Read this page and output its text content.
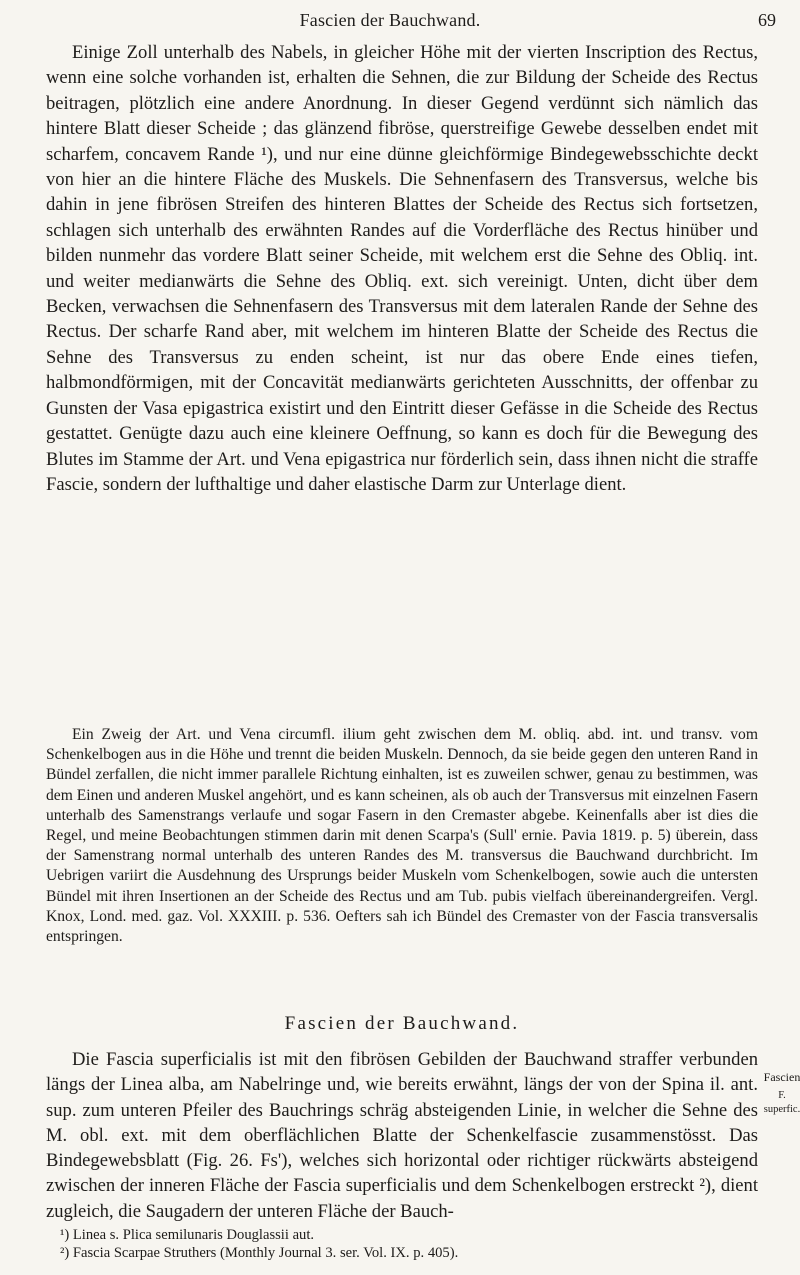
Fascien der Bauchwand.	69

Einige Zoll unterhalb des Nabels, in gleicher Höhe mit der vierten Inscription des Rectus, wenn eine solche vorhanden ist, erhalten die Sehnen, die zur Bildung der Scheide des Rectus beitragen, plötzlich eine andere Anordnung. In dieser Gegend verdünnt sich nämlich das hintere Blatt dieser Scheide ; das glänzend fibröse, querstreifige Gewebe desselben endet mit scharfem, concavem Rande ¹), und nur eine dünne gleichförmige Bindegewebsschichte deckt von hier an die hintere Fläche des Muskels. Die Sehnenfasern des Transversus, welche bis dahin in jene fibrösen Streifen des hinteren Blattes der Scheide des Rectus sich fortsetzen, schlagen sich unterhalb des erwähnten Randes auf die Vorderfläche des Rectus hinüber und bilden nunmehr das vordere Blatt seiner Scheide, mit welchem erst die Sehne des Obliq. int. und weiter medianwärts die Sehne des Obliq. ext. sich vereinigt. Unten, dicht über dem Becken, verwachsen die Sehnenfasern des Transversus mit dem lateralen Rande der Sehne des Rectus. Der scharfe Rand aber, mit welchem im hinteren Blatte der Scheide des Rectus die Sehne des Transversus zu enden scheint, ist nur das obere Ende eines tiefen, halbmondförmigen, mit der Concavität medianwärts gerichteten Ausschnitts, der offenbar zu Gunsten der Vasa epigastrica existirt und den Eintritt dieser Gefässe in die Scheide des Rectus gestattet. Genügte dazu auch eine kleinere Oeffnung, so kann es doch für die Bewegung des Blutes im Stamme der Art. und Vena epigastrica nur förderlich sein, dass ihnen nicht die straffe Fascie, sondern der lufthaltige und daher elastische Darm zur Unterlage dient.

Ein Zweig der Art. und Vena circumfl. ilium geht zwischen dem M. obliq. abd. int. und transv. vom Schenkelbogen aus in die Höhe und trennt die beiden Muskeln. Dennoch, da sie beide gegen den unteren Rand in Bündel zerfallen, die nicht immer parallele Richtung einhalten, ist es zuweilen schwer, genau zu bestimmen, was dem Einen und anderen Muskel angehört, und es kann scheinen, als ob auch der Transversus mit einzelnen Fasern unterhalb des Samenstrangs verlaufe und sogar Fasern in den Cremaster abgebe. Keinenfalls aber ist dies die Regel, und meine Beobachtungen stimmen darin mit denen Scarpa's (Sull' ernie. Pavia 1819. p. 5) überein, dass der Samenstrang normal unterhalb des unteren Randes des M. transversus die Bauchwand durchbricht. Im Uebrigen variirt die Ausdehnung des Ursprungs beider Muskeln vom Schenkelbogen, sowie auch die untersten Bündel mit ihren Insertionen an der Scheide des Rectus und am Tub. pubis vielfach übereinandergreifen. Vergl. Knox, Lond. med. gaz. Vol. XXXIII. p. 536. Oefters sah ich Bündel des Cremaster von der Fascia transversalis entspringen.

Fascien der Bauchwand.

Die Fascia superficialis ist mit den fibrösen Gebilden der Bauchwand straffer verbunden längs der Linea alba, am Nabelringe und, wie bereits erwähnt, längs der von der Spina il. ant. sup. zum unteren Pfeiler des Bauchrings schräg absteigenden Linie, in welcher die Sehne des M. obl. ext. mit dem oberflächlichen Blatte der Schenkelfascie zusammenstösst. Das Bindegewebsblatt (Fig. 26. Fs'), welches sich horizontal oder richtiger rückwärts absteigend zwischen der inneren Fläche der Fascia superficialis und dem Schenkelbogen erstreckt ²), dient zugleich, die Saugadern der unteren Fläche der Bauch-

Fascien
F. superfic.
¹) Linea s. Plica semilunaris Douglassii aut.
²) Fascia Scarpae Struthers (Monthly Journal 3. ser. Vol. IX. p. 405).
